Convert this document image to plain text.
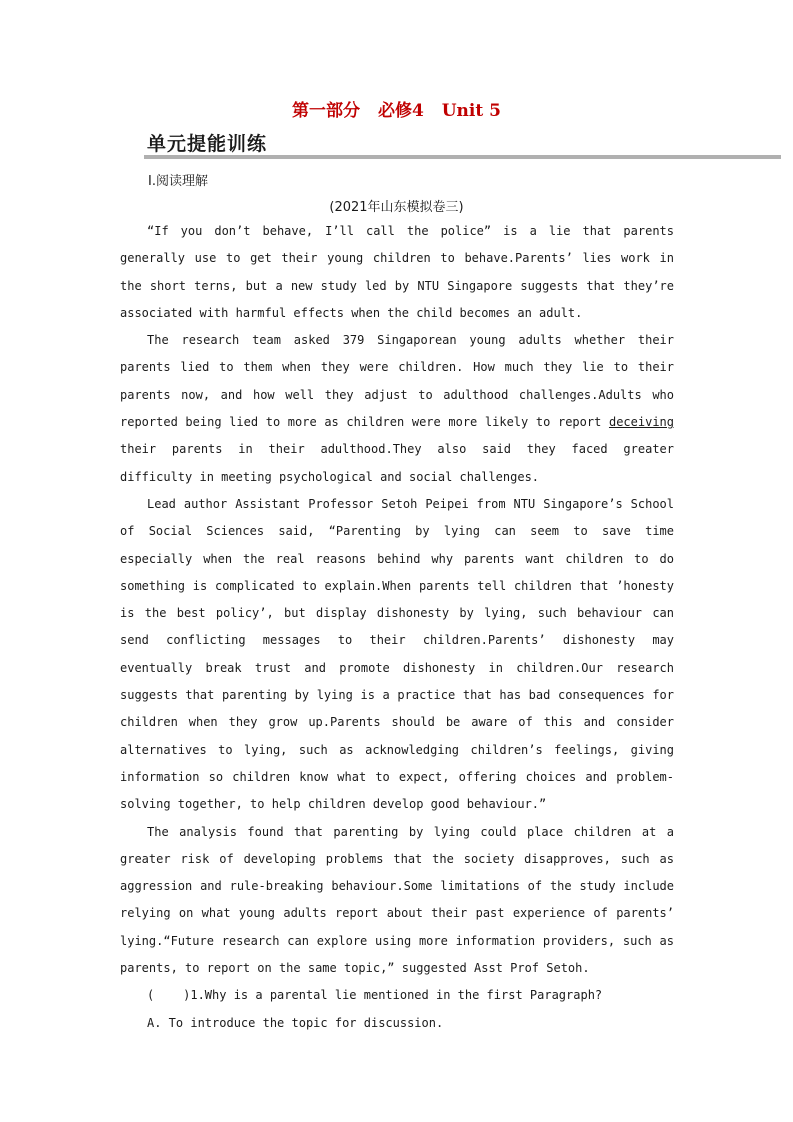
第一部分 必修4 Unit 5
单元提能训练
Ⅰ.阅读理解
(2021年山东模拟卷三)

“If you don’t behave, I’ll call the police” is a lie that parents generally use to get their young children to behave.Parents’ lies work in the short terns, but a new study led by NTU Singapore suggests that they’re associated with harmful effects when the child becomes an adult.

The research team asked 379 Singaporean young adults whether their parents lied to them when they were children. How much they lie to their parents now, and how well they adjust to adulthood challenges.Adults who reported being lied to more as children were more likely to report deceiving their parents in their adulthood.They also said they faced greater difficulty in meeting psychological and social challenges.

Lead author Assistant Professor Setoh Peipei from NTU Singapore’s School of Social Sciences said, “Parenting by lying can seem to save time especially when the real reasons behind why parents want children to do something is complicated to explain.When parents tell children that ’honesty is the best policy’, but display dishonesty by lying, such behaviour can send conflicting messages to their children.Parents’ dishonesty may eventually break trust and promote dishonesty in children.Our research suggests that parenting by lying is a practice that has bad consequences for children when they grow up.Parents should be aware of this and consider alternatives to lying, such as acknowledging children’s feelings, giving information so children know what to expect, offering choices and problem-solving together, to help children develop good behaviour.”

The analysis found that parenting by lying could place children at a greater risk of developing problems that the society disapproves, such as aggression and rule-breaking behaviour.Some limitations of the study include relying on what young adults report about their past experience of parents’ lying.“Future research can explore using more information providers, such as parents, to report on the same topic,” suggested Asst Prof Setoh.

(    )1.Why is a parental lie mentioned in the first Paragraph?
A. To introduce the topic for discussion.
